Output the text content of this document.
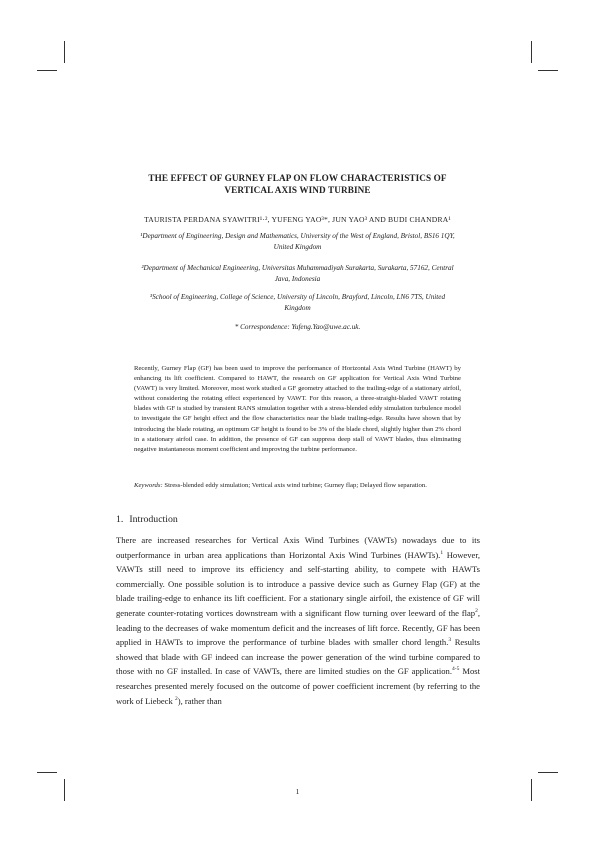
THE EFFECT OF GURNEY FLAP ON FLOW CHARACTERISTICS OF
VERTICAL AXIS WIND TURBINE
TAURISTA PERDANA SYAWITRI¹·², YUFENG YAO³*, JUN YAO³ AND BUDI CHANDRA¹
¹Department of Engineering, Design and Mathematics, University of the West of England, Bristol, BS16 1QY,
United Kingdom
²Department of Mechanical Engineering, Universitas Muhammadiyah Surakarta, Surakarta, 57162, Central
Java, Indonesia
³School of Engineering, College of Science, University of Lincoln, Brayford, Lincoln, LN6 7TS, United
Kingdom
* Correspondence: Yufeng.Yao@uwe.ac.uk.
Recently, Gurney Flap (GF) has been used to improve the performance of Horizontal Axis Wind Turbine (HAWT) by enhancing its lift coefficient. Compared to HAWT, the research on GF application for Vertical Axis Wind Turbine (VAWT) is very limited. Moreover, most work studied a GF geometry attached to the trailing-edge of a stationary airfoil, without considering the rotating effect experienced by VAWT. For this reason, a three-straight-bladed VAWT rotating blades with GF is studied by transient RANS simulation together with a stress-blended eddy simulation turbulence model to investigate the GF height effect and the flow characteristics near the blade trailing-edge. Results have shown that by introducing the blade rotating, an optimum GF height is found to be 3% of the blade chord, slightly higher than 2% chord in a stationary airfoil case. In addition, the presence of GF can suppress deep stall of VAWT blades, thus eliminating negative instantaneous moment coefficient and improving the turbine performance.
Keywords: Stress-blended eddy simulation; Vertical axis wind turbine; Gurney flap; Delayed flow separation.
1. Introduction
There are increased researches for Vertical Axis Wind Turbines (VAWTs) nowadays due to its outperformance in urban area applications than Horizontal Axis Wind Turbines (HAWTs).$^1$ However, VAWTs still need to improve its efficiency and self-starting ability, to compete with HAWTs commercially. One possible solution is to introduce a passive device such as Gurney Flap (GF) at the blade trailing-edge to enhance its lift coefficient. For a stationary single airfoil, the existence of GF will generate counter-rotating vortices downstream with a significant flow turning over leeward of the flap$^2$, leading to the decreases of wake momentum deficit and the increases of lift force. Recently, GF has been applied in HAWTs to improve the performance of turbine blades with smaller chord length.$^3$ Results showed that blade with GF indeed can increase the power generation of the wind turbine compared to those with no GF installed. In case of VAWTs, there are limited studies on the GF application.$^{4-5}$ Most researches presented merely focused on the outcome of power coefficient increment (by referring to the work of Liebeck $^2$), rather than
1
